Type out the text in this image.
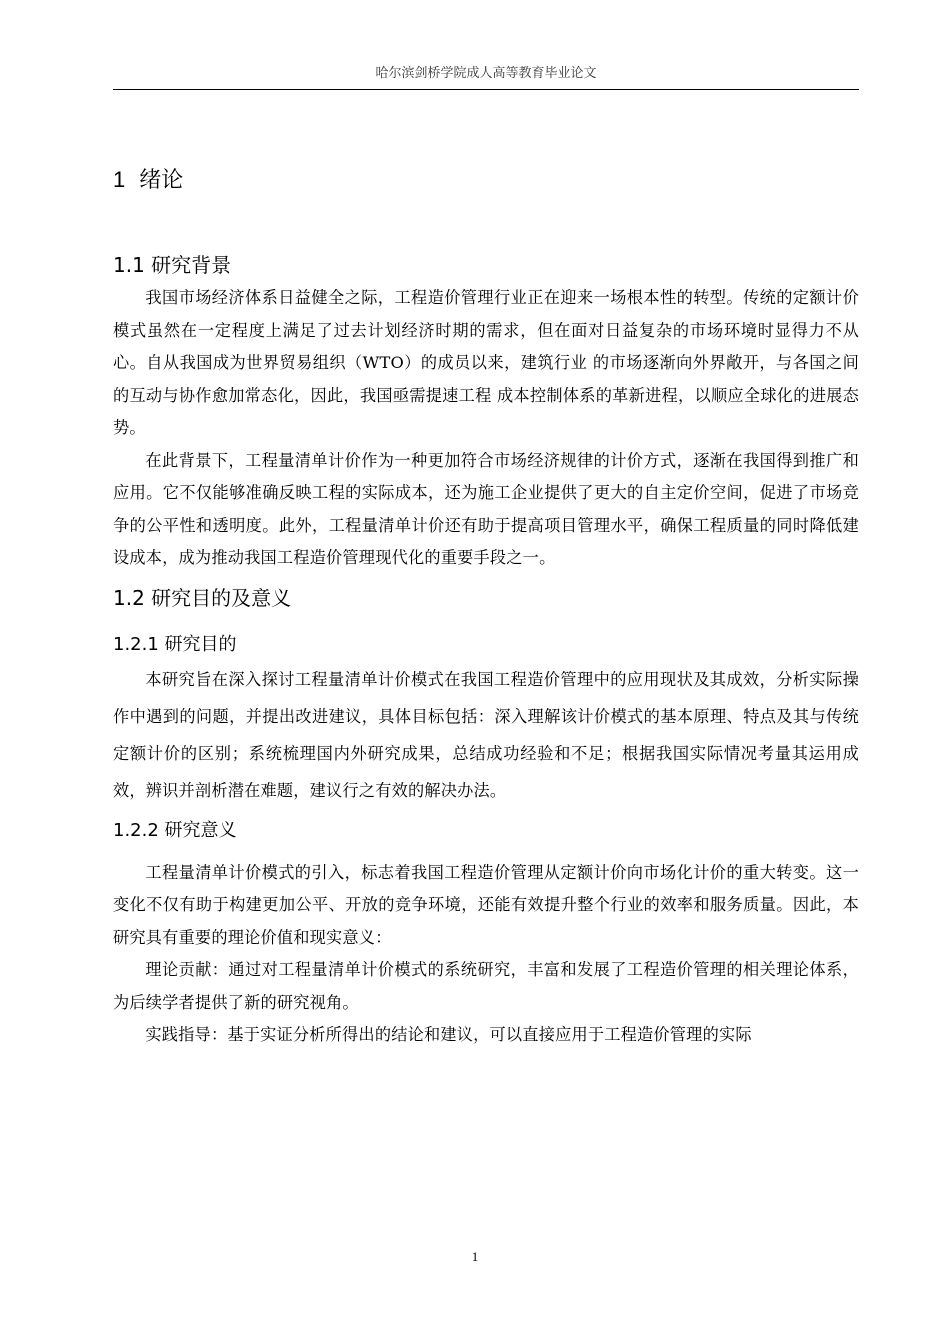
哈尔滨剑桥学院成人高等教育毕业论文
1 绪论
1.1 研究背景

我国市场经济体系日益健全之际，工程造价管理行业正在迎来一场根本性的转型。传统的定额计价模式虽然在一定程度上满足了过去计划经济时期的需求，但在面对日益复杂的市场环境时显得力不从心。自从我国成为世界贸易组织（WTO）的成员以来，建筑行业 的市场逐渐向外界敞开，与各国之间的互动与协作愈加常态化，因此，我国亟需提速工程 成本控制体系的革新进程，以顺应全球化的进展态势。

在此背景下，工程量清单计价作为一种更加符合市场经济规律的计价方式，逐渐在我国得到推广和应用。它不仅能够准确反映工程的实际成本，还为施工企业提供了更大的自主定价空间，促进了市场竞争的公平性和透明度。此外，工程量清单计价还有助于提高项目管理水平，确保工程质量的同时降低建设成本，成为推动我国工程造价管理现代化的重要手段之一。

1.2 研究目的及意义
1.2.1 研究目的

本研究旨在深入探讨工程量清单计价模式在我国工程造价管理中的应用现状及其成效，分析实际操作中遇到的问题，并提出改进建议，具体目标包括：深入理解该计价模式的基本原理、特点及其与传统定额计价的区别；系统梳理国内外研究成果，总结成功经验和不足；根据我国实际情况考量其运用成效，辨识并剖析潜在难题，建议行之有效的解决办法。

1.2.2 研究意义

工程量清单计价模式的引入，标志着我国工程造价管理从定额计价向市场化计价的重大转变。这一变化不仅有助于构建更加公平、开放的竞争环境，还能有效提升整个行业的效率和服务质量。因此，本研究具有重要的理论价值和现实意义：

理论贡献：通过对工程量清单计价模式的系统研究，丰富和发展了工程造价管理的相关理论体系，为后续学者提供了新的研究视角。

实践指导：基于实证分析所得出的结论和建议，可以直接应用于工程造价管理的实际

1
